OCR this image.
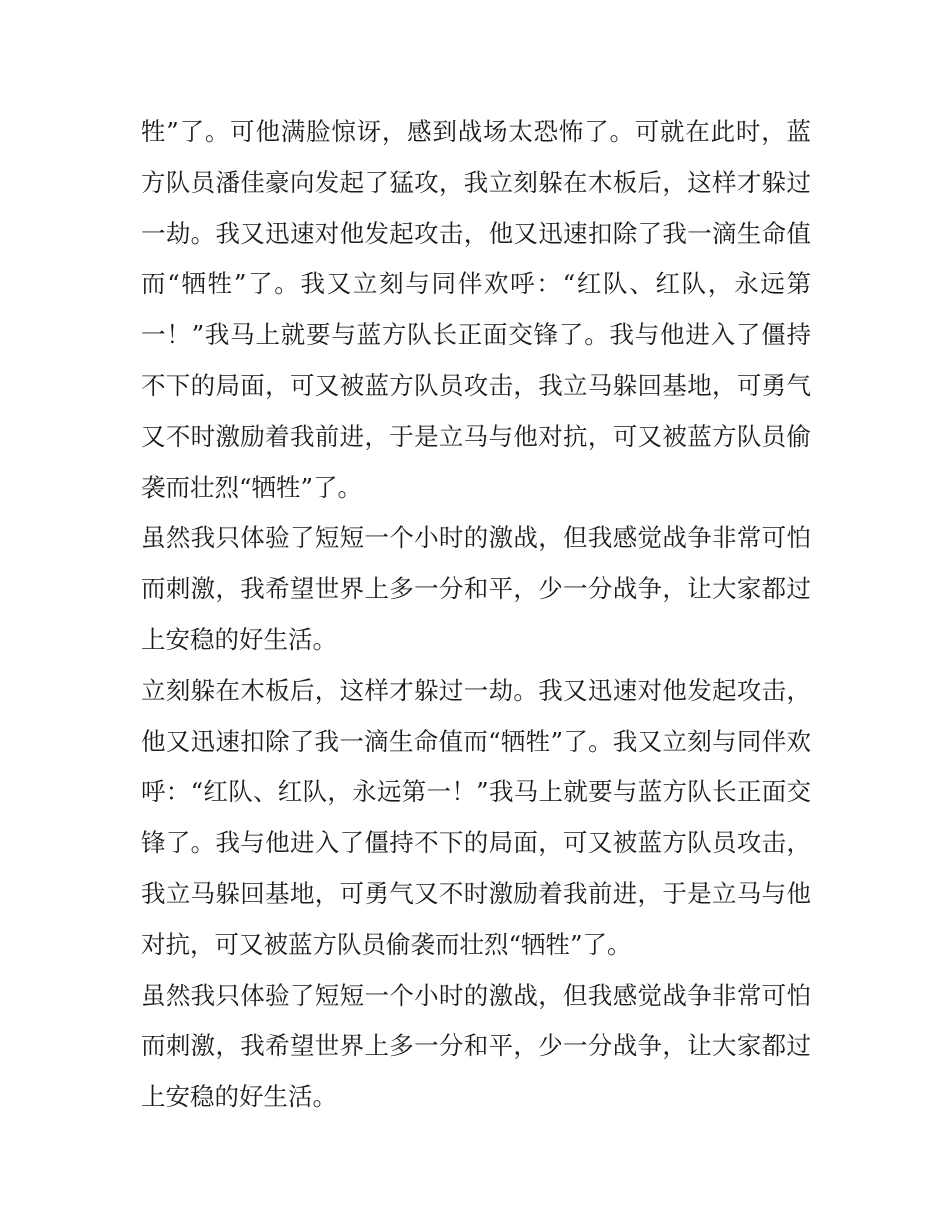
牲”了。可他满脸惊讶，感到战场太恐怖了。可就在此时，蓝
方队员潘佳豪向发起了猛攻，我立刻躲在木板后，这样才躲过
一劫。我又迅速对他发起攻击，他又迅速扣除了我一滴生命值
而“牺牲”了。我又立刻与同伴欢呼：“红队、红队，永远第
一！”我马上就要与蓝方队长正面交锋了。我与他进入了僵持
不下的局面，可又被蓝方队员攻击，我立马躲回基地，可勇气
又不时激励着我前进，于是立马与他对抗，可又被蓝方队员偷
袭而壮烈“牺牲”了。
虽然我只体验了短短一个小时的激战，但我感觉战争非常可怕
而刺激，我希望世界上多一分和平，少一分战争，让大家都过
上安稳的好生活。
立刻躲在木板后，这样才躲过一劫。我又迅速对他发起攻击，
他又迅速扣除了我一滴生命值而“牺牲”了。我又立刻与同伴欢
呼：“红队、红队，永远第一！”我马上就要与蓝方队长正面交
锋了。我与他进入了僵持不下的局面，可又被蓝方队员攻击，
我立马躲回基地，可勇气又不时激励着我前进，于是立马与他
对抗，可又被蓝方队员偷袭而壮烈“牺牲”了。
虽然我只体验了短短一个小时的激战，但我感觉战争非常可怕
而刺激，我希望世界上多一分和平，少一分战争，让大家都过
上安稳的好生活。
